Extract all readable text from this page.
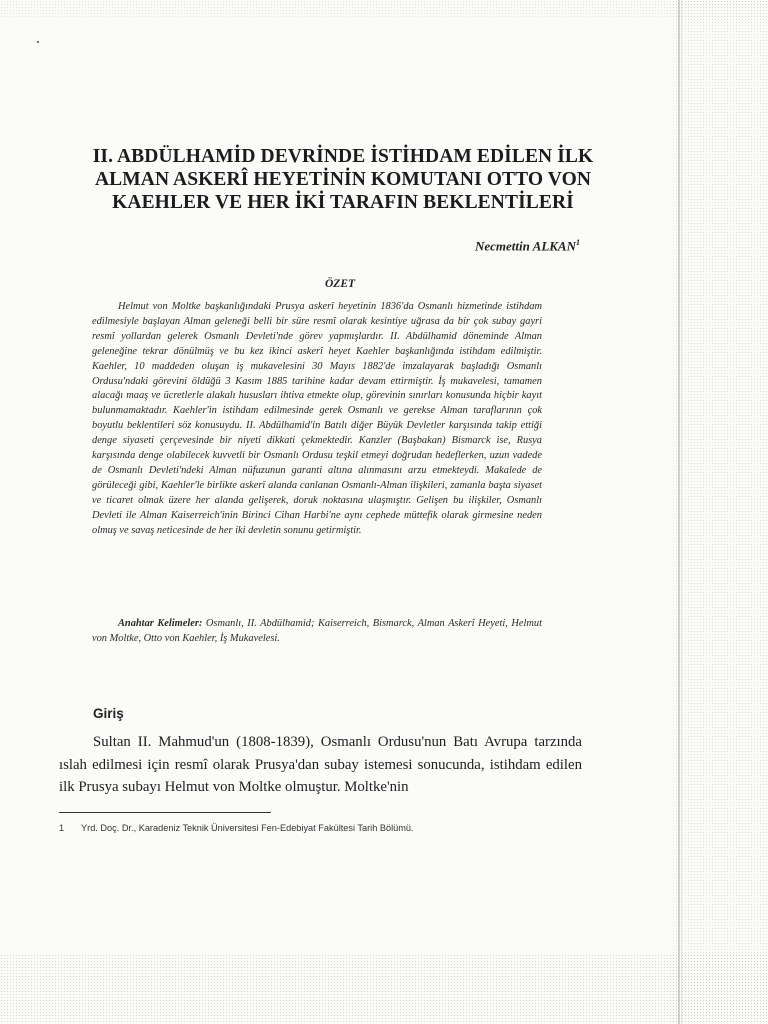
II. ABDÜLHAMİD DEVRİNDE İSTİHDAM EDİLEN İLK
ALMAN ASKERÎ HEYETİNİN KOMUTANI OTTO VON
KAEHLER VE HER İKİ TARAFIN BEKLENTİLERİ
Necmettin ALKAN$^1$
ÖZET
Helmut von Moltke başkanlığındaki Prusya askerî heyetinin 1836'da Osmanlı hizmetinde istihdam edilmesiyle başlayan Alman geleneği belli bir süre resmî olarak kesintiye uğrasa da bir çok subay gayri resmî yollardan gelerek Osmanlı Devleti'nde görev yapmışlardır. II. Abdülhamid döneminde Alman geleneğine tekrar dönülmüş ve bu kez ikinci askerî heyet Kaehler başkanlığında istihdam edilmiştir. Kaehler, 10 maddeden oluşan iş mukavelesini 30 Mayıs 1882'de imzalayarak başladığı Osmanlı Ordusu'ndaki görevini öldüğü 3 Kasım 1885 tarihine kadar devam ettirmiştir. İş mukavelesi, tamamen alacağı maaş ve ücretlerle alakalı hususları ihtiva etmekte olup, görevinin sınırları konusunda hiçbir kayıt bulunmamaktadır. Kaehler'in istihdam edilmesinde gerek Osmanlı ve gerekse Alman taraflarının çok boyutlu beklentileri söz konusuydu. II. Abdülhamid'in Batılı diğer Büyük Devletler karşısında takip ettiği denge siyaseti çerçevesinde bir niyeti dikkati çekmektedir. Kanzler (Başbakan) Bismarck ise, Rusya karşısında denge olabilecek kuvvetli bir Osmanlı Ordusu teşkil etmeyi doğrudan hedeflerken, uzun vadede de Osmanlı Devleti'ndeki Alman nüfuzunun garanti altına alınmasını arzu etmekteydi. Makalede de görüleceği gibi, Kaehler'le birlikte askerî alanda canlanan Osmanlı-Alman ilişkileri, zamanla başta siyaset ve ticaret olmak üzere her alanda gelişerek, doruk noktasına ulaşmıştır. Gelişen bu ilişkiler, Osmanlı Devleti ile Alman Kaiserreich'inin Birinci Cihan Harbi'ne aynı cephede müttefik olarak girmesine neden olmuş ve savaş neticesinde de her iki devletin sonunu getirmiştir.
Anahtar Kelimeler: Osmanlı, II. Abdülhamid; Kaiserreich, Bismarck, Alman Askerî Heyeti, Helmut von Moltke, Otto von Kaehler, İş Mukavelesi.
Giriş
Sultan II. Mahmud'un (1808-1839), Osmanlı Ordusu'nun Batı Avrupa tarzında ıslah edilmesi için resmî olarak Prusya'dan subay istemesi sonucunda, istihdam edilen ilk Prusya subayı Helmut von Moltke olmuştur. Moltke'nin
1 Yrd. Doç. Dr., Karadeniz Teknik Üniversitesi Fen-Edebiyat Fakültesi Tarih Bölümü.
